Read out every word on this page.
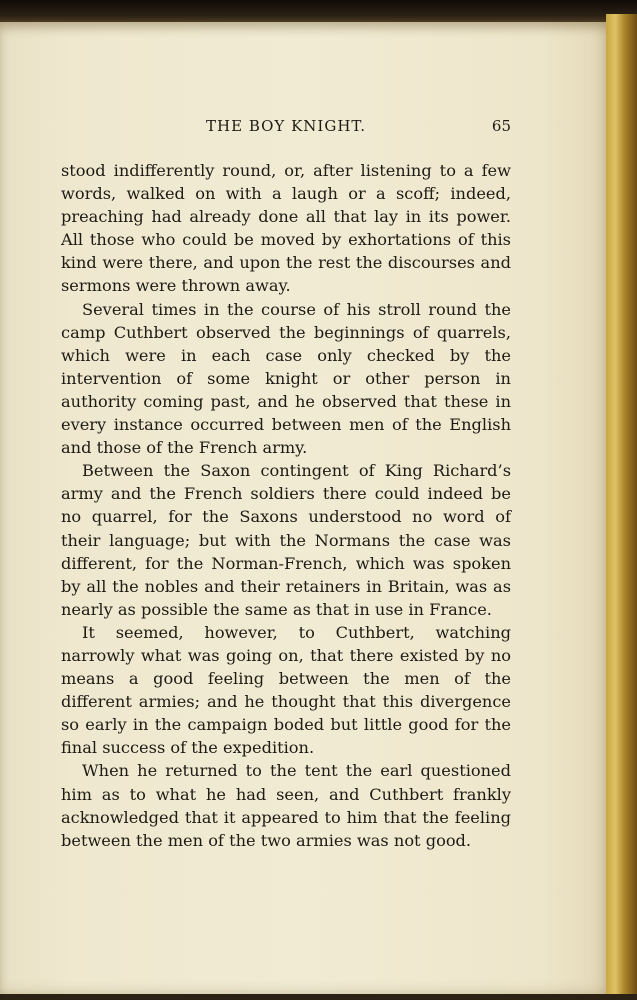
THE BOY KNIGHT.	65

stood indifferently round, or, after listening to a few words, walked on with a laugh or a scoff; indeed, preaching had already done all that lay in its power. All those who could be moved by exhortations of this kind were there, and upon the rest the discourses and sermons were thrown away.

Several times in the course of his stroll round the camp Cuthbert observed the beginnings of quarrels, which were in each case only checked by the intervention of some knight or other person in authority coming past, and he observed that these in every instance occurred between men of the English and those of the French army.

Between the Saxon contingent of King Richard’s army and the French soldiers there could indeed be no quarrel, for the Saxons understood no word of their language; but with the Normans the case was different, for the Norman-French, which was spoken by all the nobles and their retainers in Britain, was as nearly as possible the same as that in use in France.

It seemed, however, to Cuthbert, watching narrowly what was going on, that there existed by no means a good feeling between the men of the different armies; and he thought that this divergence so early in the campaign boded but little good for the final success of the expedition.

When he returned to the tent the earl questioned him as to what he had seen, and Cuthbert frankly acknowledged that it appeared to him that the feeling between the men of the two armies was not good.
